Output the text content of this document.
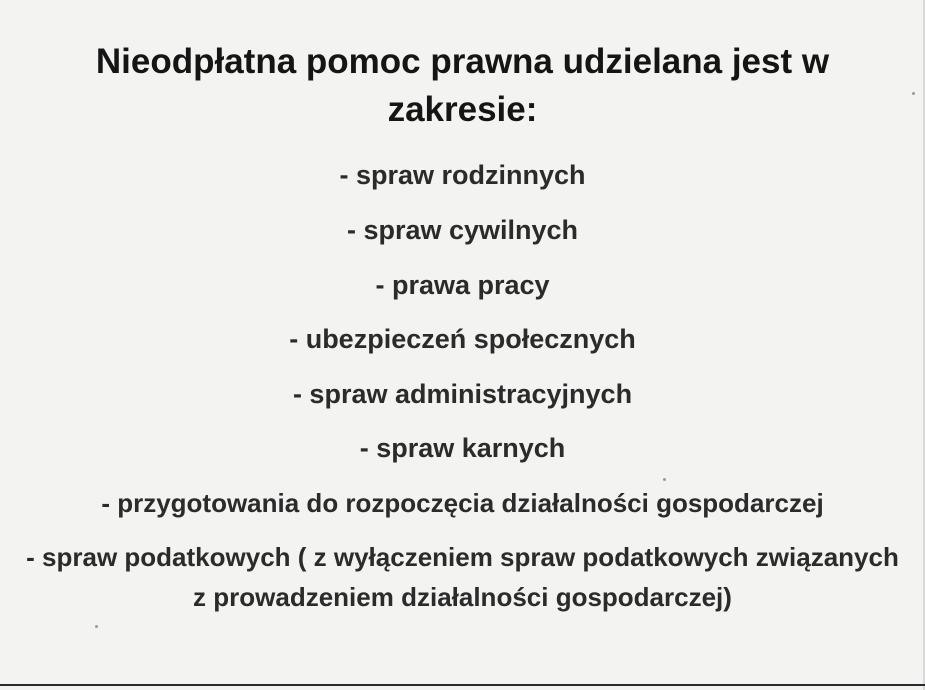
Nieodpłatna pomoc prawna udzielana jest w zakresie:

- spraw rodzinnych

- spraw cywilnych

- prawa pracy

- ubezpieczeń społecznych

- spraw administracyjnych

- spraw karnych

- przygotowania do rozpoczęcia działalności gospodarczej

- spraw podatkowych ( z wyłączeniem spraw podatkowych związanych z prowadzeniem działalności gospodarczej)
